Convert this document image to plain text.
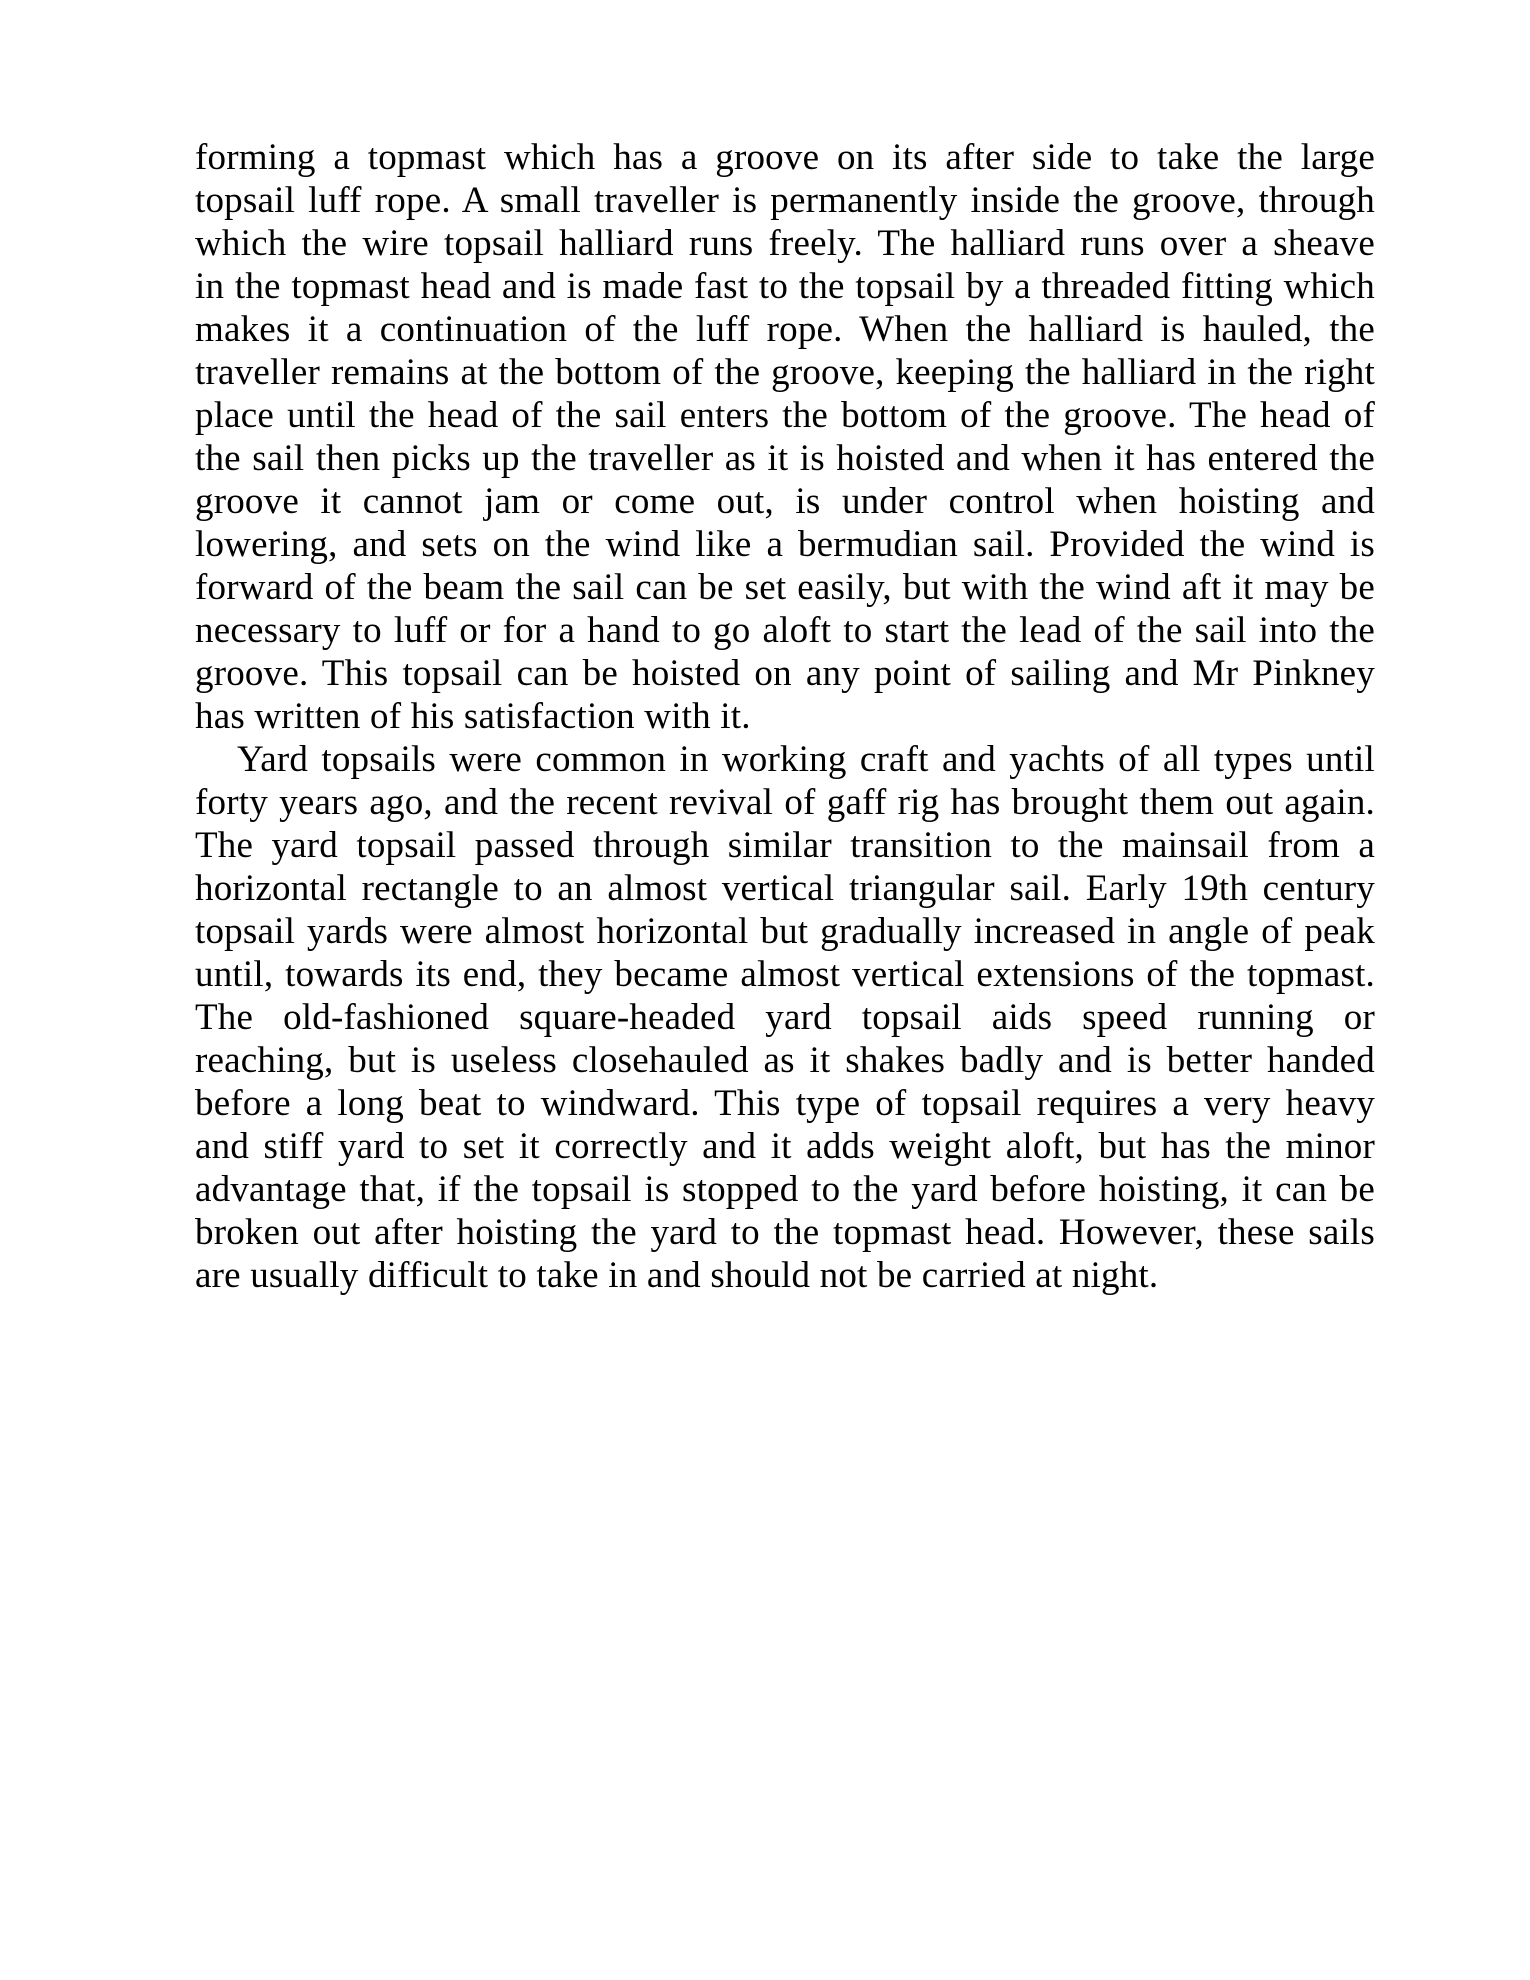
forming a topmast which has a groove on its after side to take the large
topsail luff rope. A small traveller is permanently inside the groove, through
which the wire topsail halliard runs freely. The halliard runs over a sheave
in the topmast head and is made fast to the topsail by a threaded fitting which
makes it a continuation of the luff rope. When the halliard is hauled, the
traveller remains at the bottom of the groove, keeping the halliard in the right
place until the head of the sail enters the bottom of the groove. The head of
the sail then picks up the traveller as it is hoisted and when it has entered the
groove it cannot jam or come out, is under control when hoisting and
lowering, and sets on the wind like a bermudian sail. Provided the wind is
forward of the beam the sail can be set easily, but with the wind aft it may be
necessary to luff or for a hand to go aloft to start the lead of the sail into the
groove. This topsail can be hoisted on any point of sailing and Mr Pinkney
has written of his satisfaction with it.
Yard topsails were common in working craft and yachts of all types until
forty years ago, and the recent revival of gaff rig has brought them out again.
The yard topsail passed through similar transition to the mainsail from a
horizontal rectangle to an almost vertical triangular sail. Early 19th century
topsail yards were almost horizontal but gradually increased in angle of peak
until, towards its end, they became almost vertical extensions of the topmast.
The old-fashioned square-headed yard topsail aids speed running or
reaching, but is useless closehauled as it shakes badly and is better handed
before a long beat to windward. This type of topsail requires a very heavy
and stiff yard to set it correctly and it adds weight aloft, but has the minor
advantage that, if the topsail is stopped to the yard before hoisting, it can be
broken out after hoisting the yard to the topmast head. However, these sails
are usually difficult to take in and should not be carried at night.
